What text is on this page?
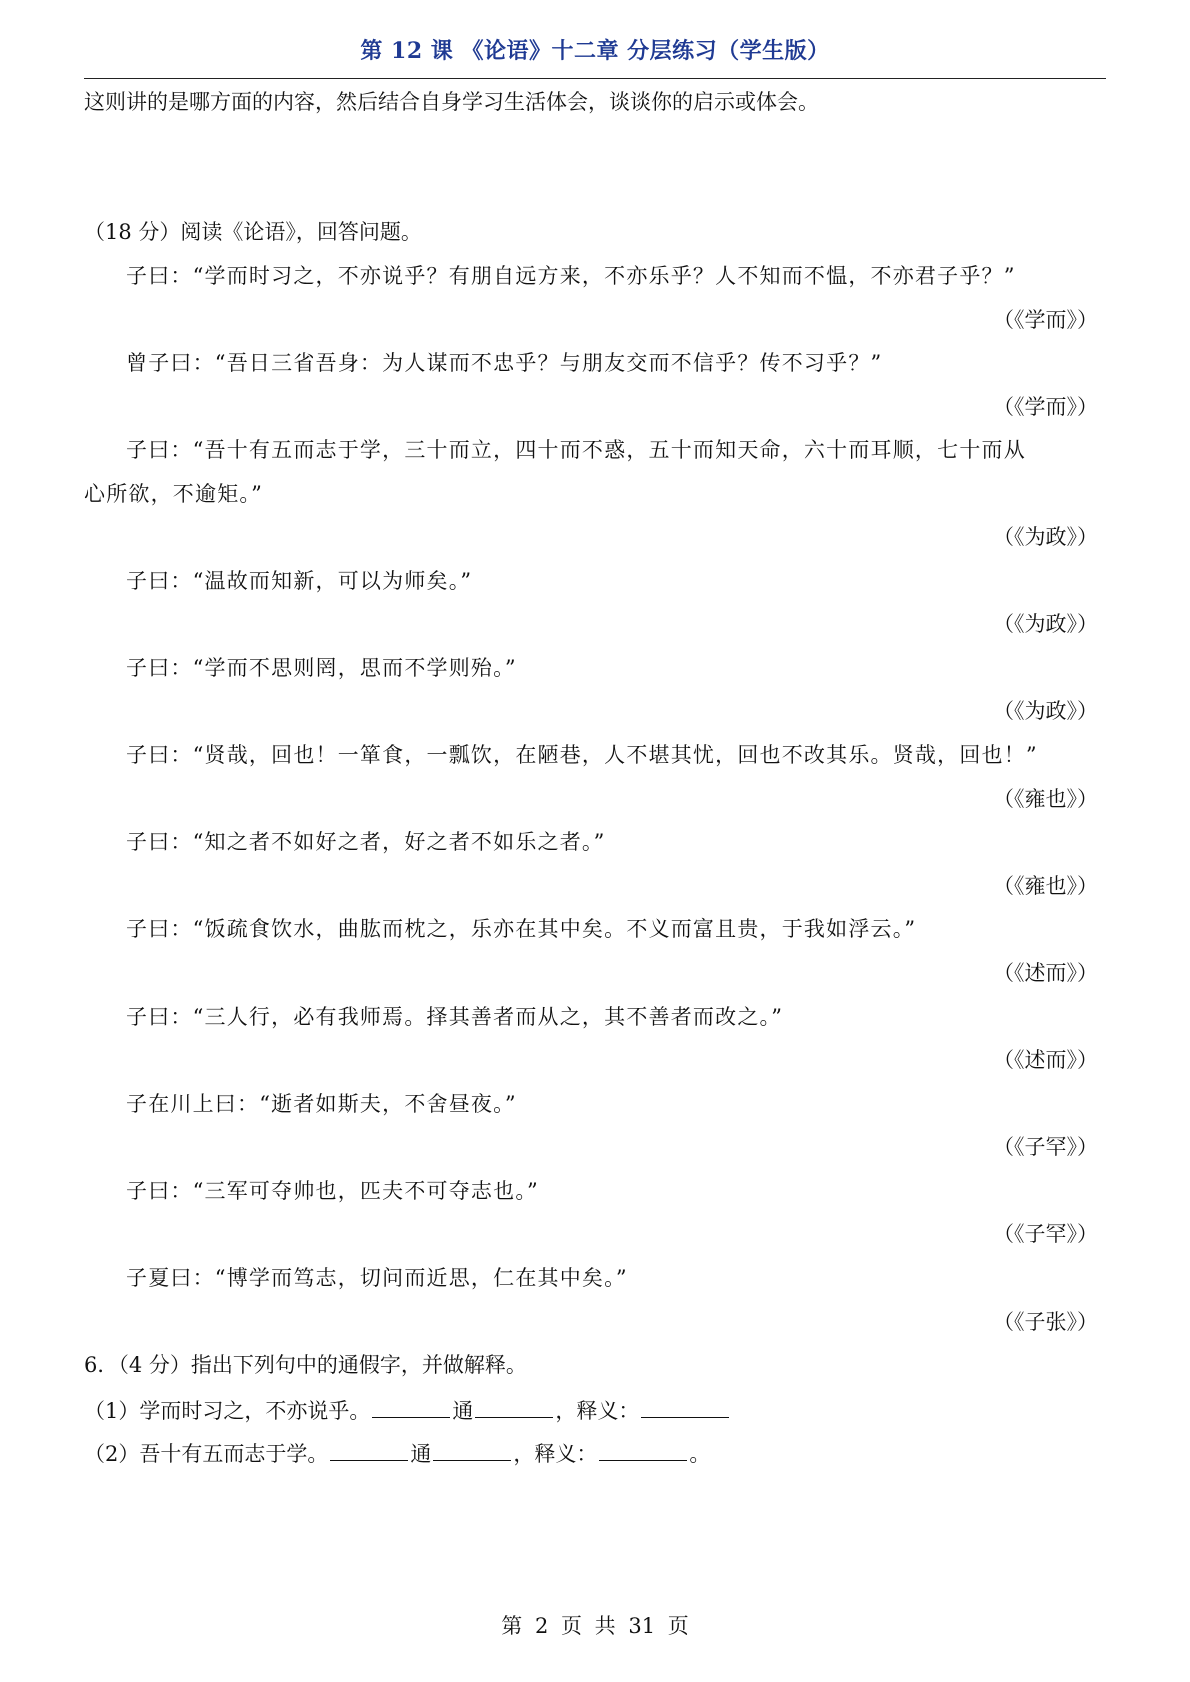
第 12 课 《论语》十二章 分层练习（学生版）
这则讲的是哪方面的内容，然后结合自身学习生活体会，谈谈你的启示或体会。
（18 分）阅读《论语》，回答问题。
子曰：“学而时习之，不亦说乎？有朋自远方来，不亦乐乎？人不知而不愠，不亦君子乎？”
（《学而》）
曾子曰：“吾日三省吾身：为人谋而不忠乎？与朋友交而不信乎？传不习乎？”
（《学而》）
子曰：“吾十有五而志于学，三十而立，四十而不惑，五十而知天命，六十而耳顺，七十而从
心所欲，不逾矩。”
（《为政》）
子曰：“温故而知新，可以为师矣。”
（《为政》）
子曰：“学而不思则罔，思而不学则殆。”
（《为政》）
子曰：“贤哉，回也！一箪食，一瓢饮，在陋巷，人不堪其忧，回也不改其乐。贤哉，回也！”
（《雍也》）
子曰：“知之者不如好之者，好之者不如乐之者。”
（《雍也》）
子曰：“饭疏食饮水，曲肱而枕之，乐亦在其中矣。不义而富且贵，于我如浮云。”
（《述而》）
子曰：“三人行，必有我师焉。择其善者而从之，其不善者而改之。”
（《述而》）
子在川上曰：“逝者如斯夫，不舍昼夜。”
（《子罕》）
子曰：“三军可夺帅也，匹夫不可夺志也。”
（《子罕》）
子夏曰：“博学而笃志，切问而近思，仁在其中矣。”
（《子张》）
6．（4 分）指出下列句中的通假字，并做解释。
（1）学而时习之，不亦说乎。	通	，释义：
（2）吾十有五而志于学。	通	，释义：	。
第 2 页 共 31 页
